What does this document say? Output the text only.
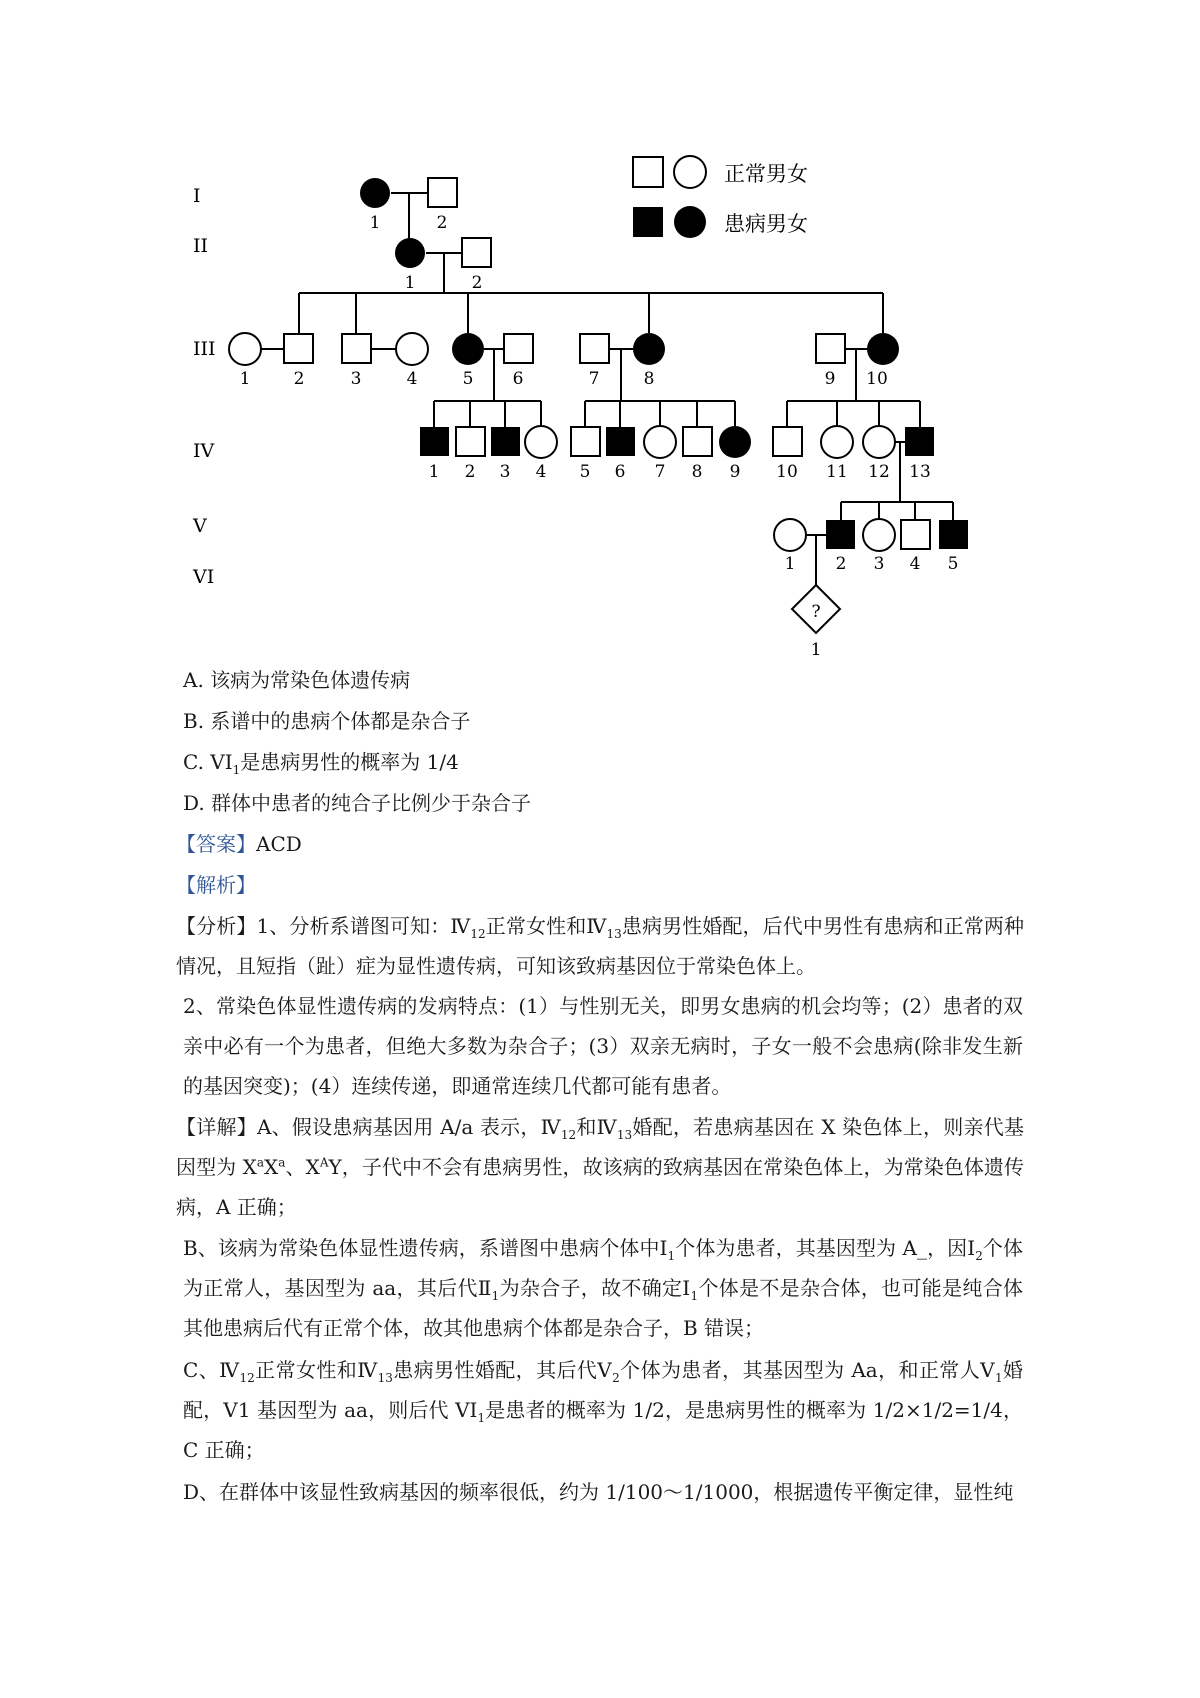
?
正常男女
患病男女
I
II
III
IV
V
VI
1	2
1	2
1	2	3	4	5 6	7	8	9 10
1 2 3 4 5 6 7 8 9 10 11 12 13
1 2 3 4 5
1
A. 该病为常染色体遗传病
B. 系谱中的患病个体都是杂合子
C. $VI_1$是患病男性的概率为 1/4
D. 群体中患者的纯合子比例少于杂合子
【答案】ACD
【解析】
【分析】1、分析系谱图可知：$Ⅳ_{12}$正常女性和$Ⅳ_{13}$患病男性婚配，后代中男性有患病和正常两种情况，且短指（趾）症为显性遗传病，可知该致病基因位于常染色体上。
2、常染色体显性遗传病的发病特点：(1）与性别无关，即男女患病的机会均等；(2）患者的双亲中必有一个为患者，但绝大多数为杂合子；(3）双亲无病时，子女一般不会患病(除非发生新的基因突变)；(4）连续传递，即通常连续几代都可能有患者。
【详解】A、假设患病基因用 A/a 表示，$Ⅳ_{12}$和$Ⅳ_{13}$婚配，若患病基因在 X 染色体上，则亲代基因型为 $X^aX^a$、$X^AY$，子代中不会有患病男性，故该病的致病基因在常染色体上，为常染色体遗传病，A 正确；
B、该病为常染色体显性遗传病，系谱图中患病个体中$Ⅰ_1$个体为患者，其基因型为 A_，因$Ⅰ_2$个体为正常人，基因型为 aa，其后代$Ⅱ_1$为杂合子，故不确定$Ⅰ_1$个体是不是杂合体，也可能是纯合体其他患病后代有正常个体，故其他患病个体都是杂合子，B 错误；
C、$Ⅳ_{12}$正常女性和$Ⅳ_{13}$患病男性婚配，其后代$Ⅴ_2$个体为患者，其基因型为 Aa，和正常人$Ⅴ_1$婚配，Ⅴ1 基因型为 aa，则后代 $VI_1$是患者的概率为 1/2，是患病男性的概率为 1/2×1/2=1/4，C 正确；
D、在群体中该显性致病基因的频率很低，约为 1/100～1/1000，根据遗传平衡定律，显性纯
